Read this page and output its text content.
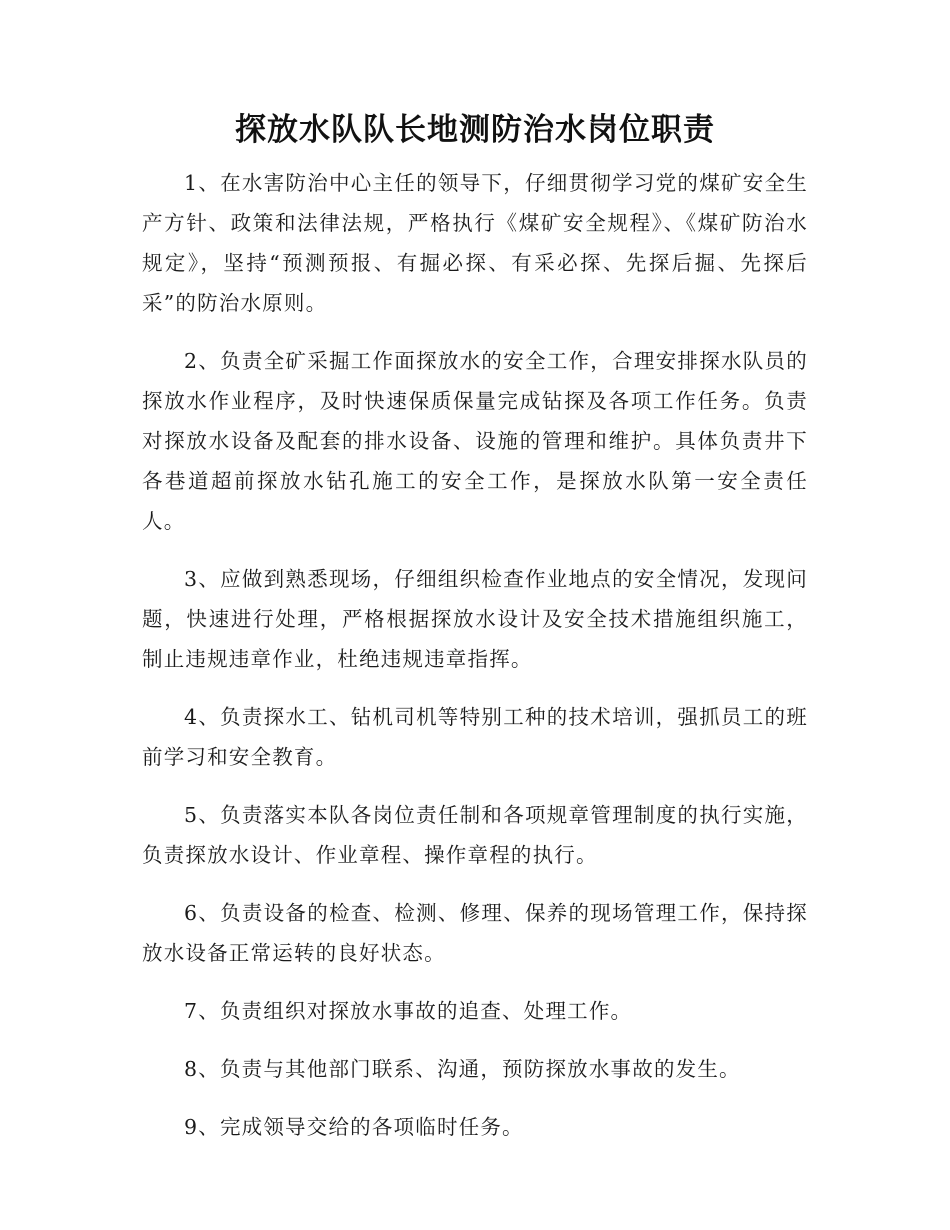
探放水队队长地测防治水岗位职责

1、在水害防治中心主任的领导下，仔细贯彻学习党的煤矿安全生产方针、政策和法律法规，严格执行《煤矿安全规程》、《煤矿防治水规定》，坚持“预测预报、有掘必探、有采必探、先探后掘、先探后采”的防治水原则。

2、负责全矿采掘工作面探放水的安全工作，合理安排探水队员的探放水作业程序，及时快速保质保量完成钻探及各项工作任务。负责对探放水设备及配套的排水设备、设施的管理和维护。具体负责井下各巷道超前探放水钻孔施工的安全工作，是探放水队第一安全责任人。

3、应做到熟悉现场，仔细组织检查作业地点的安全情况，发现问题，快速进行处理，严格根据探放水设计及安全技术措施组织施工，制止违规违章作业，杜绝违规违章指挥。

4、负责探水工、钻机司机等特别工种的技术培训，强抓员工的班前学习和安全教育。

5、负责落实本队各岗位责任制和各项规章管理制度的执行实施，负责探放水设计、作业章程、操作章程的执行。

6、负责设备的检查、检测、修理、保养的现场管理工作，保持探放水设备正常运转的良好状态。

7、负责组织对探放水事故的追查、处理工作。

8、负责与其他部门联系、沟通，预防探放水事故的发生。

9、完成领导交给的各项临时任务。
